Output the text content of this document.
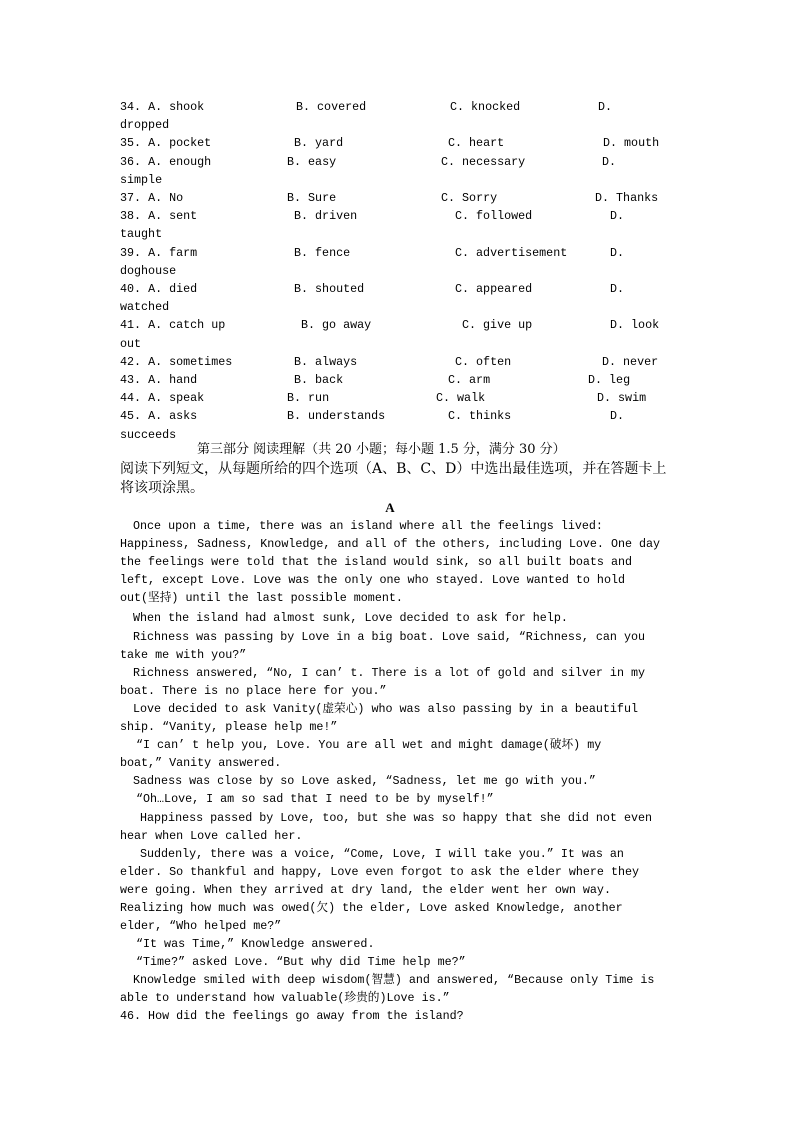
34. A. shook	B. covered	C. knocked	D. dropped
35. A. pocket	B. yard	C. heart	D. mouth
36. A. enough	B. easy	C. necessary	D. simple
37. A. No	B. Sure	C. Sorry	D. Thanks
38. A. sent	B. driven	C. followed	D. taught
39. A. farm	B. fence	C. advertisement	D. doghouse
40. A. died	B. shouted	C. appeared	D. watched
41. A. catch up	B. go away	C. give up	D. look out
42. A. sometimes	B. always	C. often	D. never
43. A. hand	B. back	C. arm	D. leg
44. A. speak	B. run	C. walk	D. swim
45. A. asks	B. understands	C. thinks	D. succeeds
第三部分 阅读理解（共 20 小题；每小题 1.5 分，满分 30 分）
阅读下列短文，从每题所给的四个选项（A、B、C、D）中选出最佳选项，并在答题卡上
将该项涂黑。
A
Once upon a time, there was an island where all the feelings lived:
Happiness, Sadness, Knowledge, and all of the others, including Love. One day
the feelings were told that the island would sink, so all built boats and
left, except Love. Love was the only one who stayed. Love wanted to hold
out(坚持) until the last possible moment.
When the island had almost sunk, Love decided to ask for help.
Richness was passing by Love in a big boat. Love said, “Richness, can you
take me with you?”
Richness answered, “No, I can’ t. There is a lot of gold and silver in my
boat. There is no place here for you.”
Love decided to ask Vanity(虚荣心) who was also passing by in a beautiful
ship. “Vanity, please help me!”
“I can’ t help you, Love. You are all wet and might damage(破坏) my
boat,” Vanity answered.
Sadness was close by so Love asked, “Sadness, let me go with you.”
“Oh…Love, I am so sad that I need to be by myself!”
Happiness passed by Love, too, but she was so happy that she did not even
hear when Love called her.
Suddenly, there was a voice, “Come, Love, I will take you.” It was an
elder. So thankful and happy, Love even forgot to ask the elder where they
were going. When they arrived at dry land, the elder went her own way.
Realizing how much was owed(欠) the elder, Love asked Knowledge, another
elder, “Who helped me?”
“It was Time,” Knowledge answered.
“Time?” asked Love. “But why did Time help me?”
Knowledge smiled with deep wisdom(智慧) and answered, “Because only Time is
able to understand how valuable(珍贵的)Love is.”
46. How did the feelings go away from the island?
